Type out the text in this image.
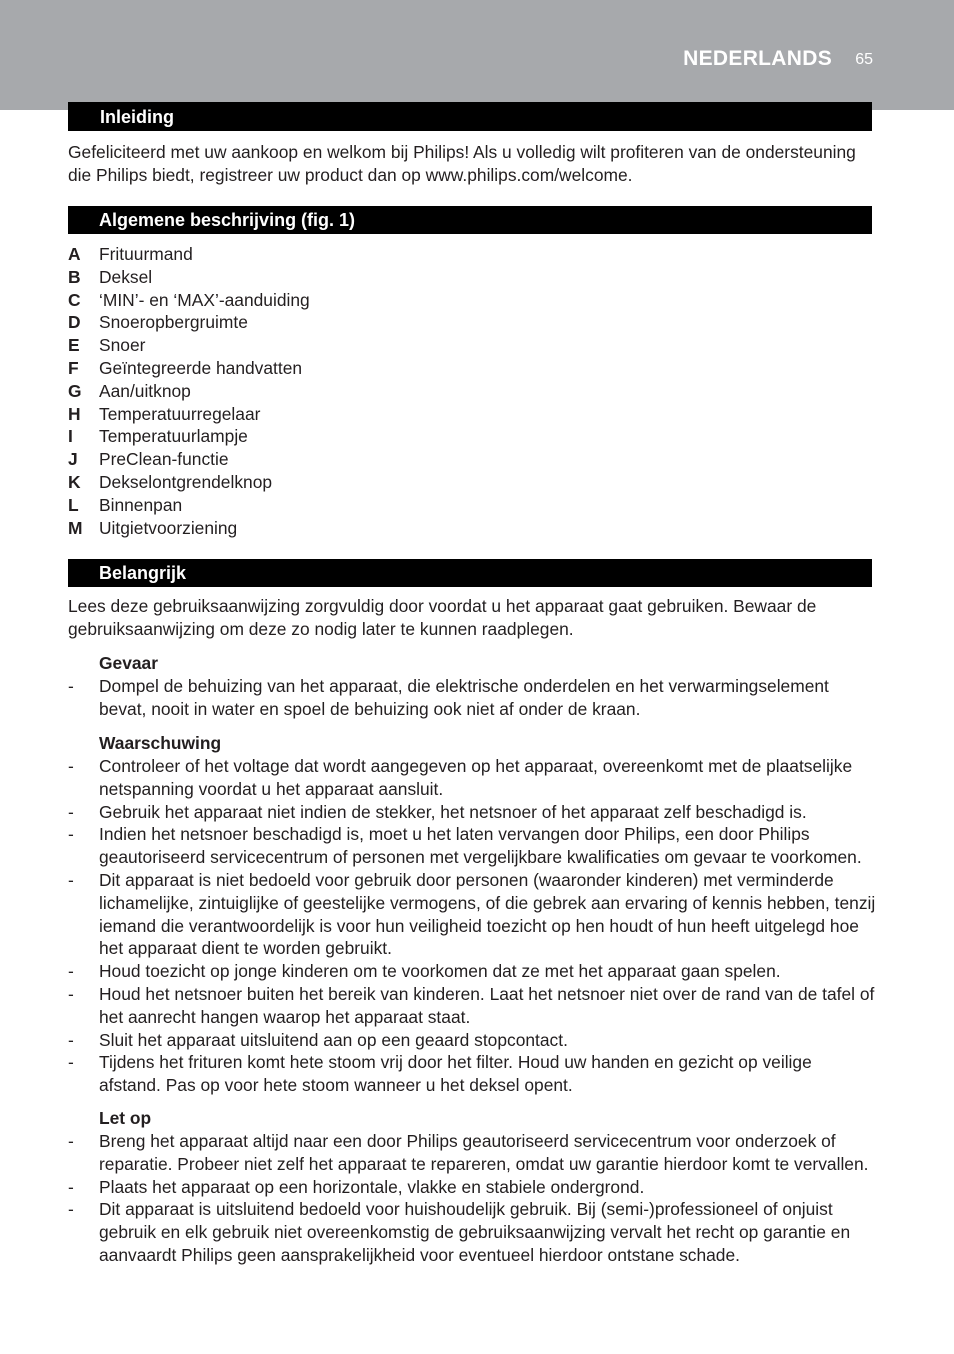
NEDERLANDS 65
Inleiding
Gefeliciteerd met uw aankoop en welkom bij Philips! Als u volledig wilt profiteren van de ondersteuning die Philips biedt, registreer uw product dan op www.philips.com/welcome.
Algemene beschrijving (fig. 1)
A	Frituurmand
B	Deksel
C	‘MIN’- en ‘MAX’-aanduiding
D	Snoeropbergruimte
E	Snoer
F	Geïntegreerde handvatten
G	Aan/uitknop
H	Temperatuurregelaar
I	Temperatuurlampje
J	PreClean-functie
K	Dekselontgrendelknop
L	Binnenpan
M Uitgietvoorziening
Belangrijk
Lees deze gebruiksaanwijzing zorgvuldig door voordat u het apparaat gaat gebruiken. Bewaar de gebruiksaanwijzing om deze zo nodig later te kunnen raadplegen.
Gevaar
- Dompel de behuizing van het apparaat, die elektrische onderdelen en het verwarmingselement bevat, nooit in water en spoel de behuizing ook niet af onder de kraan.
Waarschuwing
- Controleer of het voltage dat wordt aangegeven op het apparaat, overeenkomt met de plaatselijke netspanning voordat u het apparaat aansluit.
- Gebruik het apparaat niet indien de stekker, het netsnoer of het apparaat zelf beschadigd is.
- Indien het netsnoer beschadigd is, moet u het laten vervangen door Philips, een door Philips geautoriseerd servicecentrum of personen met vergelijkbare kwalificaties om gevaar te voorkomen.
- Dit apparaat is niet bedoeld voor gebruik door personen (waaronder kinderen) met verminderde lichamelijke, zintuiglijke of geestelijke vermogens, of die gebrek aan ervaring of kennis hebben, tenzij iemand die verantwoordelijk is voor hun veiligheid toezicht op hen houdt of hun heeft uitgelegd hoe het apparaat dient te worden gebruikt.
- Houd toezicht op jonge kinderen om te voorkomen dat ze met het apparaat gaan spelen.
- Houd het netsnoer buiten het bereik van kinderen. Laat het netsnoer niet over de rand van de tafel of het aanrecht hangen waarop het apparaat staat.
- Sluit het apparaat uitsluitend aan op een geaard stopcontact.
- Tijdens het frituren komt hete stoom vrij door het filter. Houd uw handen en gezicht op veilige afstand. Pas op voor hete stoom wanneer u het deksel opent.
Let op
- Breng het apparaat altijd naar een door Philips geautoriseerd servicecentrum voor onderzoek of reparatie. Probeer niet zelf het apparaat te repareren, omdat uw garantie hierdoor komt te vervallen.
- Plaats het apparaat op een horizontale, vlakke en stabiele ondergrond.
- Dit apparaat is uitsluitend bedoeld voor huishoudelijk gebruik. Bij (semi-)professioneel of onjuist gebruik en elk gebruik niet overeenkomstig de gebruiksaanwijzing vervalt het recht op garantie en aanvaardt Philips geen aansprakelijkheid voor eventueel hierdoor ontstane schade.
